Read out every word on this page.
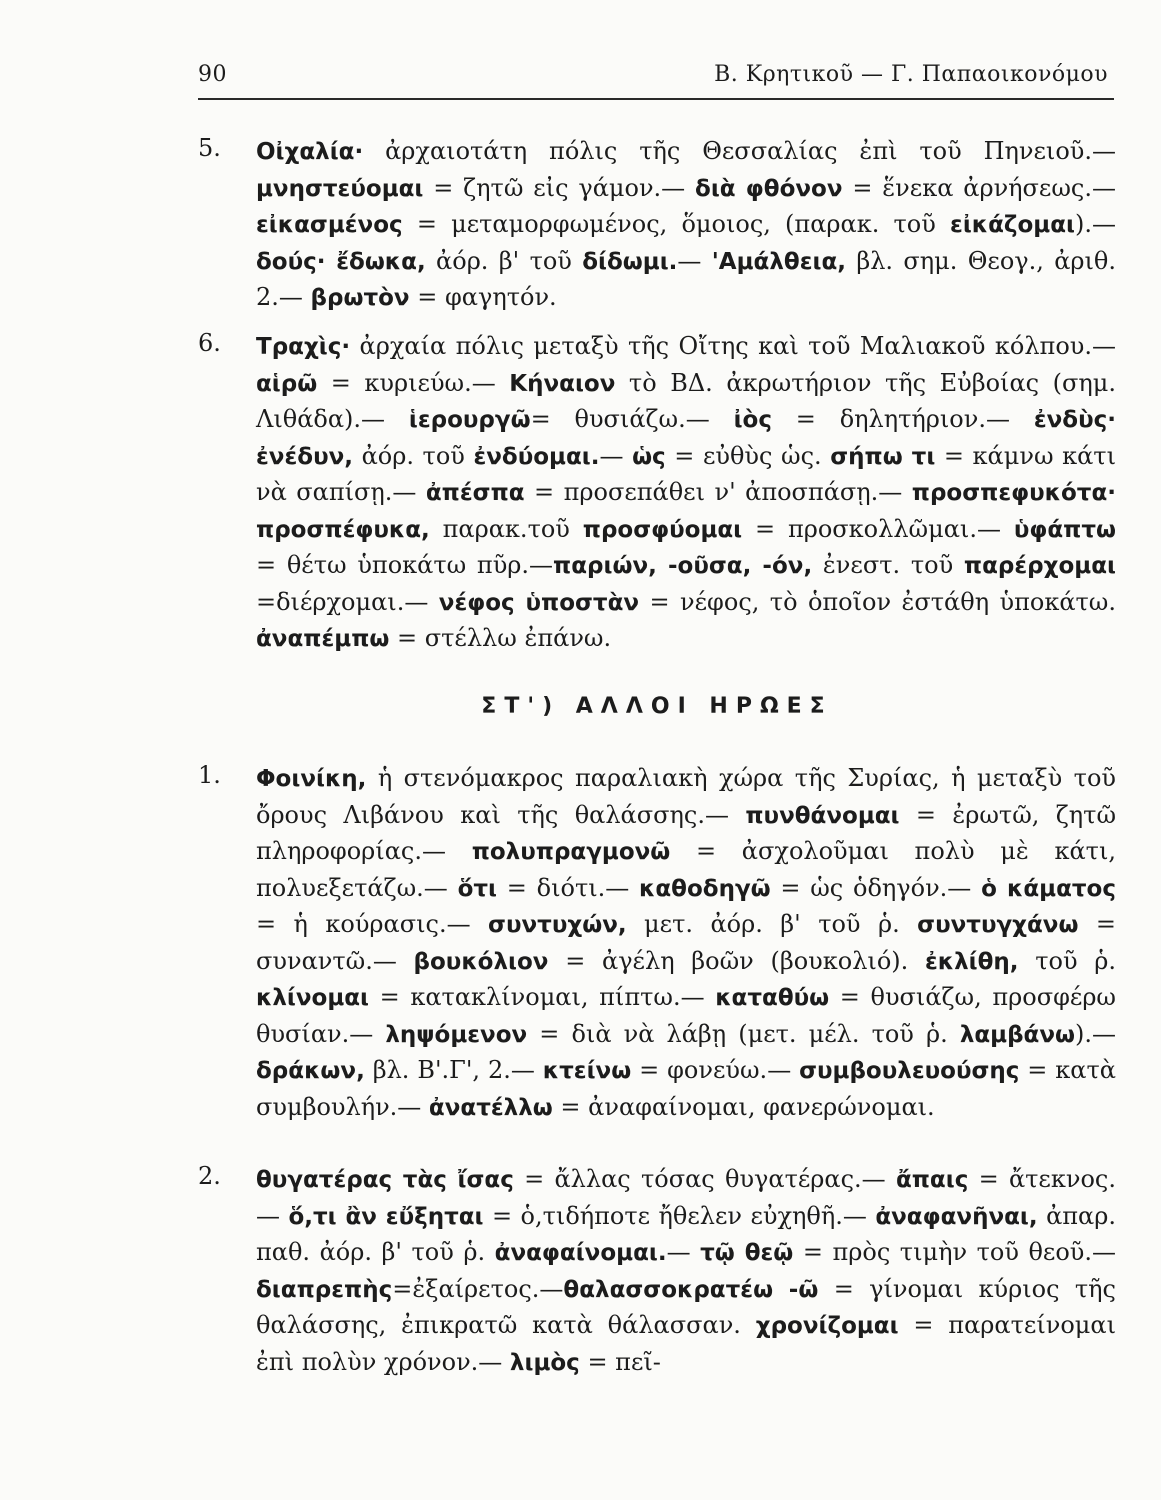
90	Β. Κρητικοῦ — Γ. Παπαοικονόμου
5. Οἰχαλία· ἀρχαιοτάτη πόλις τῆς Θεσσαλίας ἐπὶ τοῦ Πηνειοῦ.— μνηστεύομαι = ζητῶ εἰς γάμον.— διὰ φθόνον = ἕνεκα ἀρνήσεως.— εἰκασμένος = μεταμορφωμένος, ὅμοιος, (παρακ. τοῦ εἰκάζομαι).— δούς· ἔδωκα, ἀόρ. β' τοῦ δίδωμι.— 'Αμάλθεια, βλ. σημ. Θεογ., ἀριθ. 2.— βρωτὸν = φαγητόν.
6. Τραχὶς· ἀρχαία πόλις μεταξὺ τῆς Οἴτης καὶ τοῦ Μαλιακοῦ κόλπου.— αἱρῶ = κυριεύω.— Κήναιον τὸ ΒΔ. ἀκρωτήριον τῆς Εὐβοίας (σημ. Λιθάδα).— ἱερουργῶ= θυσιάζω.— ἰὸς = δηλητήριον.— ἐνδὺς· ἐνέδυν, ἀόρ. τοῦ ἐνδύομαι.— ὡς = εὐθὺς ὡς. σήπω τι = κάμνω κάτι νὰ σαπίσῃ.— ἀπέσπα = προσεπάθει ν' ἀποσπάσῃ.— προσπεφυκότα· προσπέφυκα, παρακ.τοῦ προσφύομαι = προσκολλῶμαι.— ὑφάπτω = θέτω ὑποκάτω πῦρ.—παριών, -οῦσα, -όν, ἐνεστ. τοῦ παρέρχομαι =διέρχομαι.— νέφος ὑποστὰν = νέφος, τὸ ὁποῖον ἐστάθη ὑποκάτω. ἀναπέμπω = στέλλω ἐπάνω.
ΣΤ') ΑΛΛΟΙ ΗΡΩΕΣ
1. Φοινίκη, ἡ στενόμακρος παραλιακὴ χώρα τῆς Συρίας, ἡ μεταξὺ τοῦ ὄρους Λιβάνου καὶ τῆς θαλάσσης.— πυνθάνομαι = ἐρωτῶ, ζητῶ πληροφορίας.— πολυπραγμονῶ = ἀσχολοῦμαι πολὺ μὲ κάτι, πολυεξετάζω.— ὅτι = διότι.— καθοδηγῶ = ὡς ὁδηγόν.— ὁ κάματος = ἡ κούρασις.— συντυχών, μετ. ἀόρ. β' τοῦ ῥ. συντυγχάνω = συναντῶ.— βουκόλιον = ἀγέλη βοῶν (βουκολιό). ἐκλίθη, τοῦ ῥ. κλίνομαι = κατακλίνομαι, πίπτω.— καταθύω = θυσιάζω, προσφέρω θυσίαν.— ληψόμενον = διὰ νὰ λάβῃ (μετ. μέλ. τοῦ ῥ. λαμβάνω).— δράκων, βλ. Β'.Γ', 2.— κτείνω = φονεύω.— συμβουλευούσης = κατὰ συμβουλήν.— ἀνατέλλω = ἀναφαίνομαι, φανερώνομαι.
2. θυγατέρας τὰς ἴσας = ἄλλας τόσας θυγατέρας.— ἄπαις = ἄτεκνος.— ὅ,τι ἂν εὔξηται = ὁ,τιδήποτε ἤθελεν εὐχηθῆ.— ἀναφανῆναι, ἀπαρ. παθ. ἀόρ. β' τοῦ ῥ. ἀναφαίνομαι.— τῷ θεῷ = πρὸς τιμὴν τοῦ θεοῦ.—διαπρεπὴς=ἐξαίρετος.—θαλασσοκρατέω -ῶ = γίνομαι κύριος τῆς θαλάσσης, ἐπικρατῶ κατὰ θάλασσαν. χρονίζομαι = παρατείνομαι ἐπὶ πολὺν χρόνον.— λιμὸς = πεῖ-
